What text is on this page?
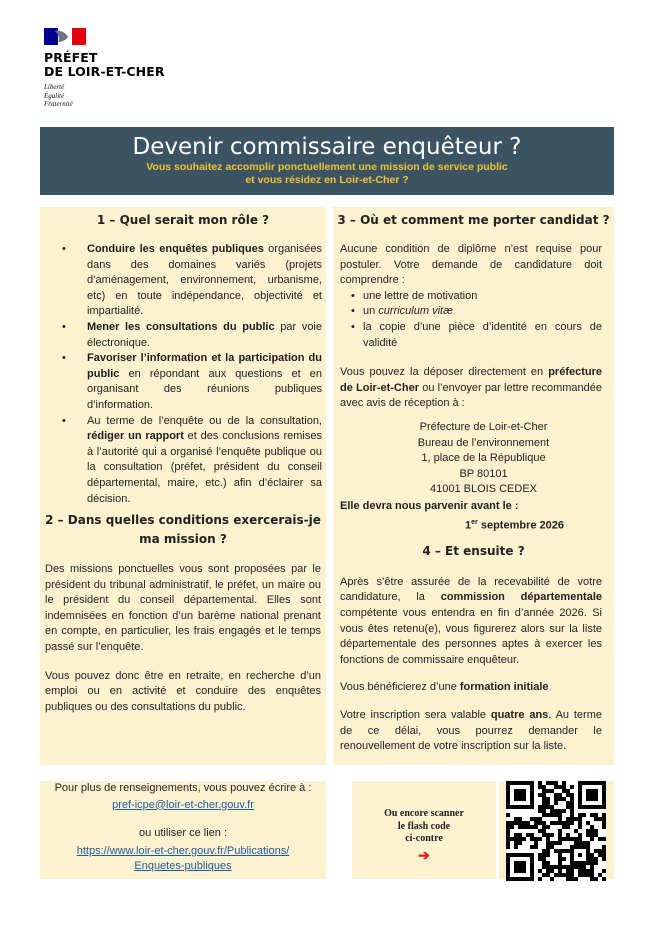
PRÉFET
DE LOIR-ET-CHER
Liberté
Égalité
Fraternité
Devenir commissaire enquêteur ?
Vous souhaitez accomplir ponctuellement une mission de service public
et vous résidez en Loir-et-Cher ?
1 – Quel serait mon rôle ?
• Conduire les enquêtes publiques organisées dans des domaines variés (projets d’aménagement, environnement, urbanisme, etc) en toute indépendance, objectivité et impartialité.
• Mener les consultations du public par voie électronique.
• Favoriser l’information et la participation du public en répondant aux questions et en organisant des réunions publiques d’information.
• Au terme de l’enquête ou de la consultation, rédiger un rapport et des conclusions remises à l’autorité qui a organisé l’enquête publique ou la consultation (préfet, président du conseil départemental, maire, etc.) afin d’éclairer sa décision.
2 – Dans quelles conditions exercerais-je
ma mission ?

Des missions ponctuelles vous sont proposées par le président du tribunal administratif, le préfet, un maire ou le président du conseil départemental. Elles sont indemnisées en fonction d’un barème national prenant en compte, en particulier, les frais engagés et le temps passé sur l’enquête.

Vous pouvez donc être en retraite, en recherche d’un emploi ou en activité et conduire des enquêtes publiques ou des consultations du public.

3 – Où et comment me porter candidat ?

Aucune condition de diplôme n’est requise pour postuler. Votre demande de candidature doit comprendre :

• une lettre de motivation
• un curriculum vitæ
• la copie d’une pièce d’identité en cours de validité

Vous pouvez la déposer directement en préfecture de Loir-et-Cher ou l’envoyer par lettre recommandée avec avis de réception à :

Préfecture de Loir-et-Cher
Bureau de l’environnement
1, place de la République
BP 80101
41001 BLOIS CEDEX
Elle devra nous parvenir avant le :
1er septembre 2026
4 – Et ensuite ?

Après s’être assurée de la recevabilité de votre candidature, la commission départementale compétente vous entendra en fin d’année 2026. Si vous êtes retenu(e), vous figurerez alors sur la liste départementale des personnes aptes à exercer les fonctions de commissaire enquêteur.

Vous bénéficierez d’une formation initiale

Votre inscription sera valable quatre ans. Au terme de ce délai, vous pourrez demander le renouvellement de votre inscription sur la liste.

Pour plus de renseignements, vous pouvez écrire à :
pref-icpe@loir-et-cher.gouv.fr
ou utiliser ce lien :
https://www.loir-et-cher.gouv.fr/Publications/
Enquetes-publiques
Ou encore scanner
le flash code
ci-contre
➔
